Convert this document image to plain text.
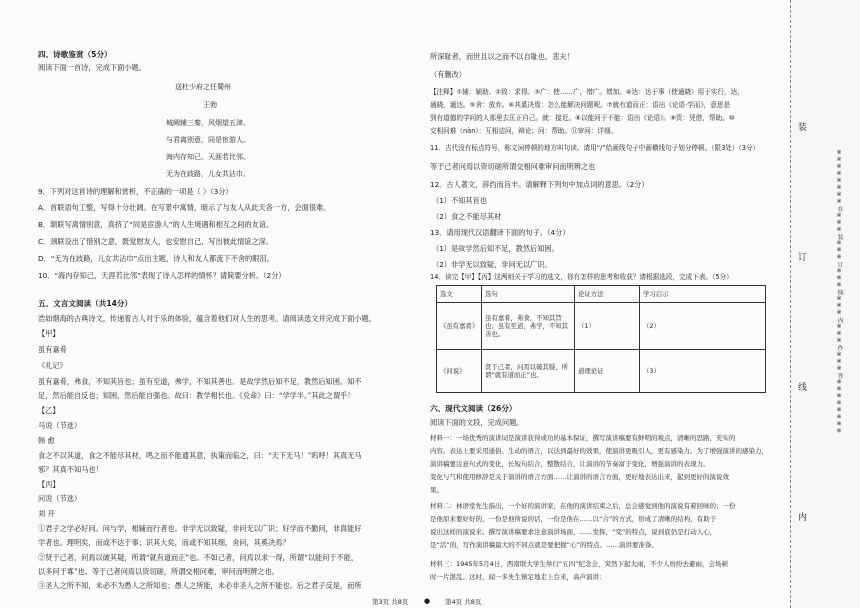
四、诗歌鉴赏（5分）
阅读下面一首诗，完成下面小题。
送杜少府之任蜀州
王勃
城阙辅三秦，风烟望五津。
与君离别意，同是宦游人。
海内存知己，天涯若比邻。
无为在歧路，儿女共沾巾。
9．下列对这首诗的理解和赏析，不正确的一项是（ ）（3分）
A．首联语句工整，写得十分壮阔。在写景中寓情，暗示了与友人从此天各一方，会面很难。
B．颔联写离情别意，真挤了“同是宦游人”的人生境遇和相互之间的友谊。
C．颈联设出了惜别之意，既觉慰友人，也安慰自己，写出彼此情谊之深。
D．“无为在歧路，儿女共沾巾”点出主题，诗人和友人都流下不舍的眼泪。
10．“海内存知己，天涯若比邻”表现了诗人怎样的情怀？请简要分析。（2分）
五、文言文阅读（共14分）
浩如烟海的古典诗文，传递着古人对于乐的体验，蕴含着他们对人生的思考。请阅读选文并完成下面小题。
【甲】
虽有嘉肴
《礼记》
虽有嘉肴，弗食，不知其旨也；虽有至道，弗学，不知其善也。是故学然后知不足，教然后知困。知不
足，然后能自反也；知困，然后能自强也。故曰：教学相长也。《兑命》曰：“学学半。”其此之谓乎！
【乙】
马说（节选）
韩 愈
食之不以其道，食之不能尽其材，鸣之而不能通其意，执策而临之，曰：“天下无马！”呜呼！其真无马
邪？其真不知马也！
【丙】
问说（节选）
刘 开
①君子之学必好问。问与学，相辅而行者也。非学无以致疑，非问无以广识；好学而不勤问，非真能好
学者也。理明矣，而或不达于事；识其大矣，而或不知其细，舍问，其奚决焉？
②贤于己者，问焉以破其疑，所谓“就有道而正”也。不如己者，问焉以求一得，所谓“以能问于不能，
以多问于寡”也。等于己者问焉以资切磋，所谓交相问难，审问而明辨之也。
③圣人之所不知，未必不为愚人之所知也；愚人之所能，未必非圣人之所不能也。后之君子反是，而所
第3页 共8页
所深耻者，而世且以之而不以自耻也，悲夫！
（有删改）
【注释】①辅：辅助。②致：求得。③广：使……广，增广。增加。④达：达于事（使通晓）用于实行，达，
通晓，通达。⑤舍：放弃。⑥其奚决焉：怎么能解决问题呢。⑦就有道而正：语出《论语·学而》，意思是
到有道德的学问的人那里去匡正自己。就：接近。⑧以能问于不能：语出《论语》。⑨资：凭借，帮助。⑩
交相问难（nàn）：互相诘问，辩论；问：帮助。⑪审问：详细。
11．古代没有标点符号，称文词停顿的地方叫句读。请用“/”给画线句子中画横线句子划分停顿。（限3处）（3分）
等于己者问焉以资切磋所谓交相问难审问而明辨之也
12．古人著文，辞约而旨丰。请解释下列句中加点词的意思。（2分）
（1）不知其旨也
（2）食之不能尽其材
13．请用现代汉语翻译下面的句子。（4分）
（1）是故学然后知不足，教然后知困。
（2）非学无以致疑，非问无以广识。
14．读完【甲】【丙】这两则关于学习的选文，你有怎样的思考和收获？请根据选段，完成下表。（5分）
选文	选句	论证方法	学习启示
《虽有嘉肴》	虽有嘉肴，弗食，不知其旨也；虽有至道，弗学，不知其善也。	（1）	（2）
《问说》	贤于己者，问焉以破其疑，所谓“就有道而正”也。	道理论证	（3）
六、现代文阅读（26分）
阅读下面的文段，完成问题。
材料一：一场优秀的演讲词是演讲获得成功的基本保证，撰写演讲稿要有鲜明的观点，清晰的思路，充实的
内容。表达上要采用通俗、生动的语言，以达到最好的效果，使演讲更吸引人，更有感染力。为了增强演讲的感染力，
演讲稿要注意句式的变化，长短句结合，整散结合，让演讲的节奏富于变化，增强演讲的表现力。
变化与气和使用修辞是关于演讲的语言方面……让演讲的语言方面，更好地表达出来，起到更好的演说效
果。
材料二：林语堂先生指出，一个好的演讲家，在他的演讲结束之后，总会感觉到他的演说有着回味的；一份
是他原来要好好的，一份是他所说的话，一份是他在……以“合”的方式，形成了清晰的结构，有助于
说出这样的演说来。撰写演讲稿要求注意演讲场面，……发挥，“变”的特点，说到底仍是打动人心，
是“活”的，写作演讲稿最大的不同点就是要把握“心”的特点。……演讲要准备。
材料三：1945年5月4日，西南联大学生举行“五四”纪念会，突然下起大雨，不少人纷纷去避雨，会场顿
时一片混乱。这时，闻一多先生镇定地走上台来，高声演讲：
第4页 共8页
●
※※※※※※※※在※※※装※※※订※※※线※※※内※※※作※※※答※※※※※※※※
装
订
线
内
